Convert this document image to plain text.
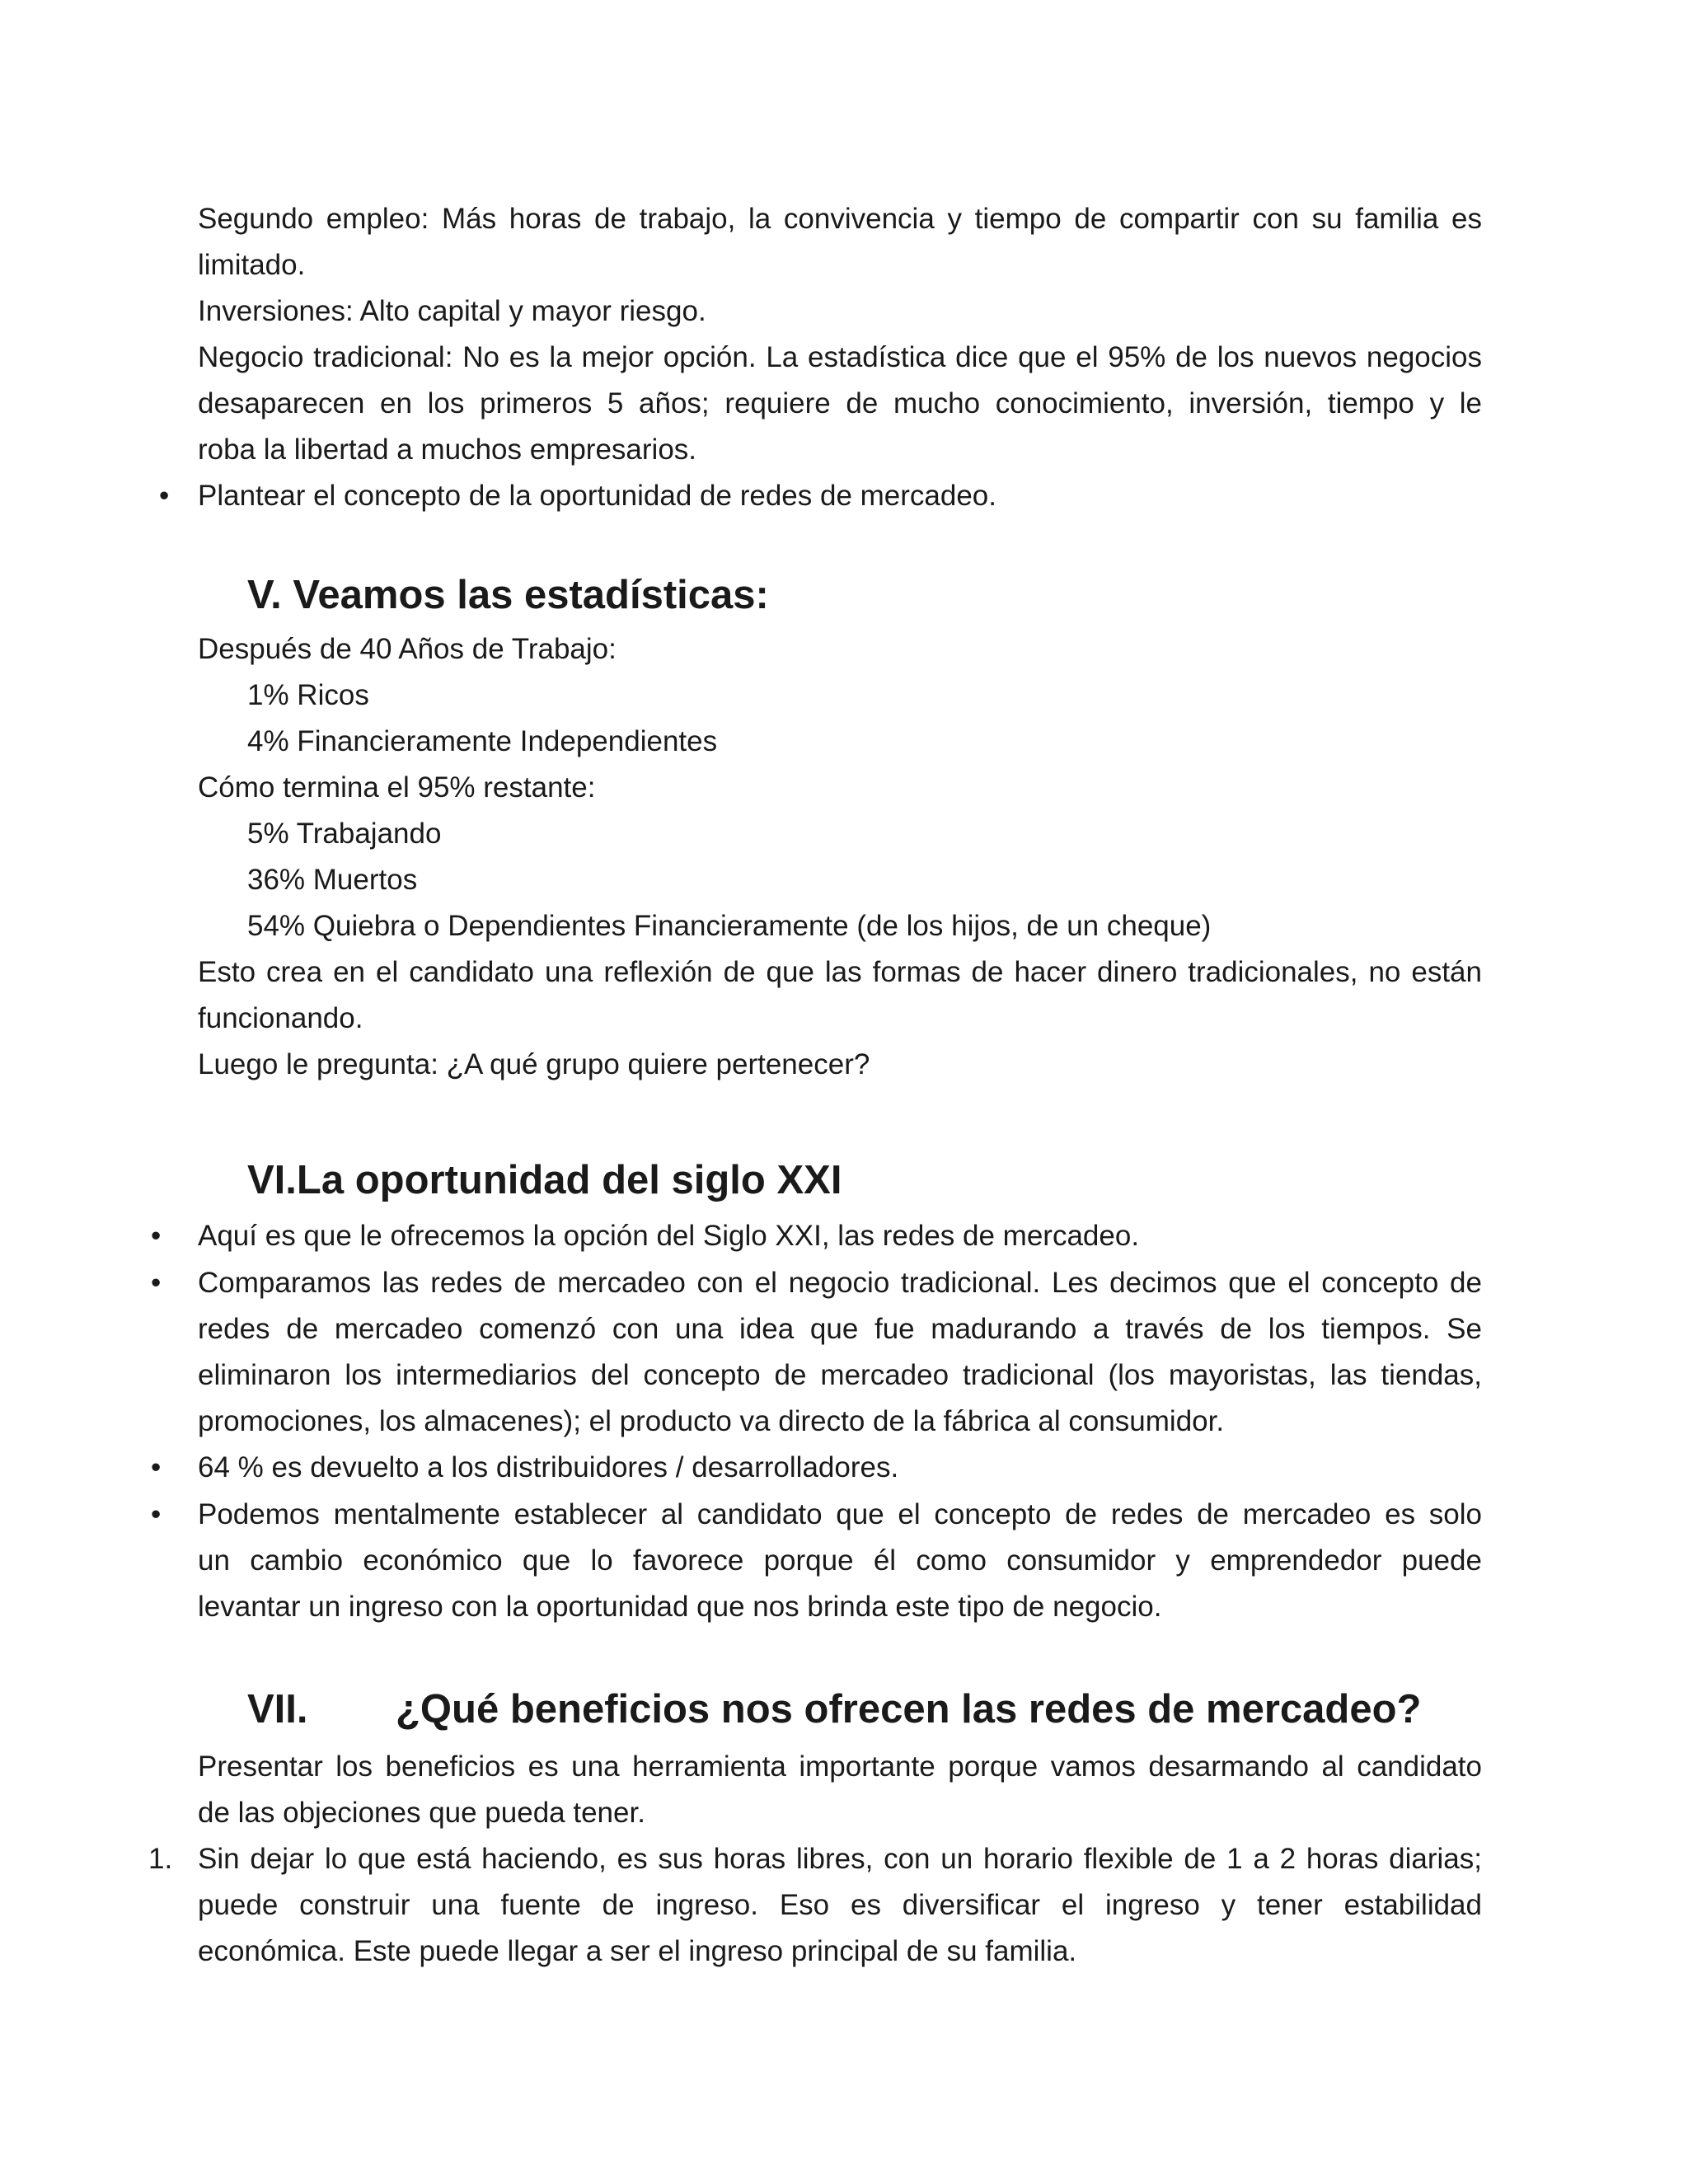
Segundo empleo: Más horas de trabajo, la convivencia y tiempo de compartir con su familia es
limitado.
Inversiones: Alto capital y mayor riesgo.
Negocio tradicional: No es la mejor opción. La estadística dice que el 95% de los nuevos negocios
desaparecen en los primeros 5 años; requiere de mucho conocimiento, inversión, tiempo y le
roba la libertad a muchos empresarios.
• Plantear el concepto de la oportunidad de redes de mercadeo.
V. Veamos las estadísticas:
Después de 40 Años de Trabajo:
1% Ricos
4% Financieramente Independientes
Cómo termina el 95% restante:
5% Trabajando
36% Muertos
54% Quiebra o Dependientes Financieramente (de los hijos, de un cheque)
Esto crea en el candidato una reflexión de que las formas de hacer dinero tradicionales, no están
funcionando.
Luego le pregunta: ¿A qué grupo quiere pertenecer?
VI.La oportunidad del siglo XXI
• Aquí es que le ofrecemos la opción del Siglo XXI, las redes de mercadeo.
• Comparamos las redes de mercadeo con el negocio tradicional. Les decimos que el concepto de
redes de mercadeo comenzó con una idea que fue madurando a través de los tiempos. Se
eliminaron los intermediarios del concepto de mercadeo tradicional (los mayoristas, las tiendas,
promociones, los almacenes); el producto va directo de la fábrica al consumidor.
• 64 % es devuelto a los distribuidores / desarrolladores.
• Podemos mentalmente establecer al candidato que el concepto de redes de mercadeo es solo
un cambio económico que lo favorece porque él como consumidor y emprendedor puede
levantar un ingreso con la oportunidad que nos brinda este tipo de negocio.
VII. ¿Qué beneficios nos ofrecen las redes de mercadeo?
Presentar los beneficios es una herramienta importante porque vamos desarmando al candidato
de las objeciones que pueda tener.
1. Sin dejar lo que está haciendo, es sus horas libres, con un horario flexible de 1 a 2 horas diarias;
puede construir una fuente de ingreso. Eso es diversificar el ingreso y tener estabilidad
económica. Este puede llegar a ser el ingreso principal de su familia.
